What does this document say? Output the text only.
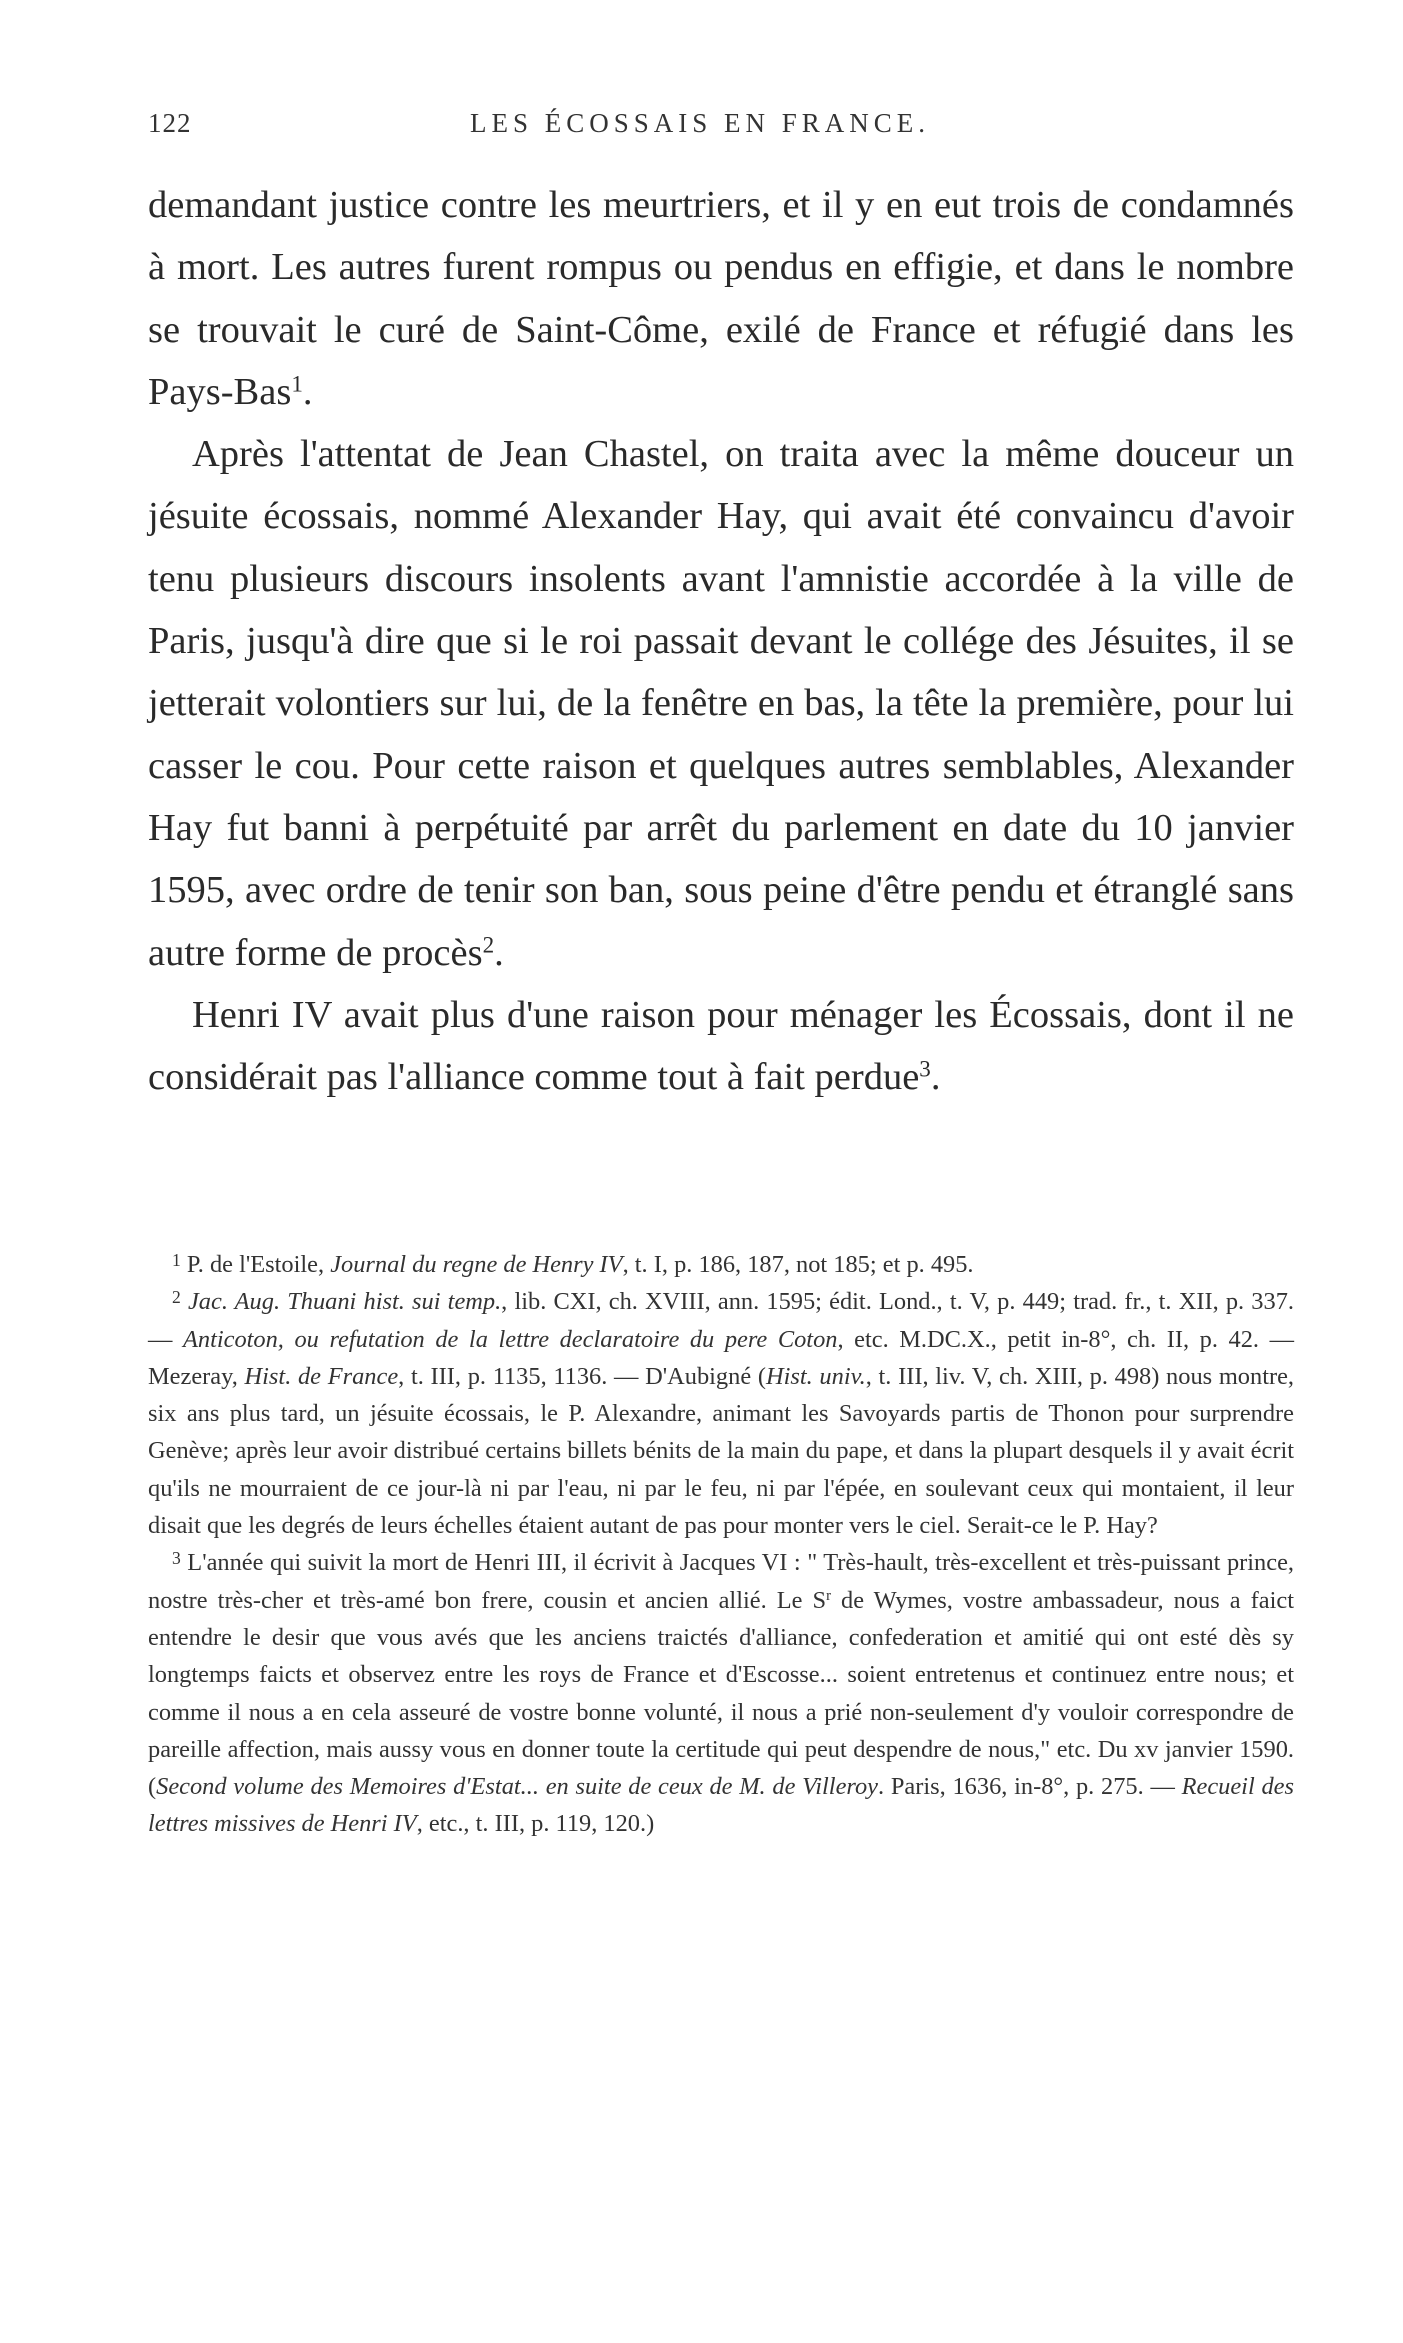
122	LES ÉCOSSAIS EN FRANCE.

demandant justice contre les meurtriers, et il y en eut trois de condamnés à mort. Les autres furent rompus ou pendus en effigie, et dans le nombre se trouvait le curé de Saint-Côme, exilé de France et réfugié dans les Pays-Bas$^1$.

Après l'attentat de Jean Chastel, on traita avec la même douceur un jésuite écossais, nommé Alexander Hay, qui avait été convaincu d'avoir tenu plusieurs discours insolents avant l'amnistie accordée à la ville de Paris, jusqu'à dire que si le roi passait devant le collége des Jésuites, il se jetterait volontiers sur lui, de la fenêtre en bas, la tête la première, pour lui casser le cou. Pour cette raison et quelques autres semblables, Alexander Hay fut banni à perpétuité par arrêt du parlement en date du 10 janvier 1595, avec ordre de tenir son ban, sous peine d'être pendu et étranglé sans autre forme de procès$^2$.

Henri IV avait plus d'une raison pour ménager les Écossais, dont il ne considérait pas l'alliance comme tout à fait perdue$^3$.

$^1$ P. de l'Estoile, Journal du regne de Henry IV, t. I, p. 186, 187, not 185; et p. 495.

$^2$ Jac. Aug. Thuani hist. sui temp., lib. CXI, ch. XVIII, ann. 1595; édit. Lond., t. V, p. 449; trad. fr., t. XII, p. 337. — Anticoton, ou refutation de la lettre declaratoire du pere Coton, etc. M.DC.X., petit in-8°, ch. II, p. 42. — Mezeray, Hist. de France, t. III, p. 1135, 1136. — D'Aubigné (Hist. univ., t. III, liv. V, ch. XIII, p. 498) nous montre, six ans plus tard, un jésuite écossais, le P. Alexandre, animant les Savoyards partis de Thonon pour surprendre Genève; après leur avoir distribué certains billets bénits de la main du pape, et dans la plupart desquels il y avait écrit qu'ils ne mourraient de ce jour-là ni par l'eau, ni par le feu, ni par l'épée, en soulevant ceux qui montaient, il leur disait que les degrés de leurs échelles étaient autant de pas pour monter vers le ciel. Serait-ce le P. Hay?

$^3$ L'année qui suivit la mort de Henri III, il écrivit à Jacques VI : " Très-hault, très-excellent et très-puissant prince, nostre très-cher et très-amé bon frere, cousin et ancien allié. Le $S^r$ de Wymes, vostre ambassadeur, nous a faict entendre le desir que vous avés que les anciens traictés d'alliance, confederation et amitié qui ont esté dès sy longtemps faicts et observez entre les roys de France et d'Escosse... soient entretenus et continuez entre nous; et comme il nous a en cela asseuré de vostre bonne volunté, il nous a prié non-seulement d'y vouloir correspondre de pareille affection, mais aussy vous en donner toute la certitude qui peut despendre de nous," etc. Du xv janvier 1590. (Second volume des Memoires d'Estat... en suite de ceux de M. de Villeroy. Paris, 1636, in-8°, p. 275. — Recueil des lettres missives de Henri IV, etc., t. III, p. 119, 120.)
